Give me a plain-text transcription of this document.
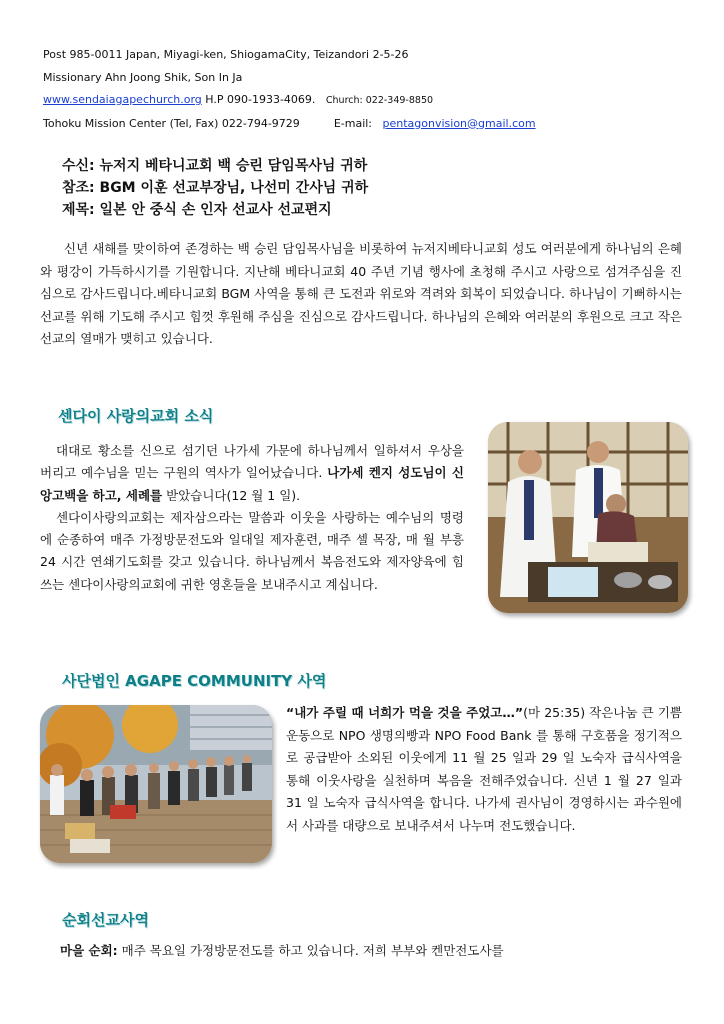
Post 985-0011 Japan, Miyagi-ken, ShiogamaCity, Teizandori 2-5-26
Missionary Ahn Joong Shik, Son In Ja
www.sendaiagapechurch.org H.P 090-1933-4069. Church: 022-349-8850
Tohoku Mission Center (Tel, Fax) 022-794-9729	E-mail: pentagonvision@gmail.com
수신: 뉴저지 베타니교회 백 승린 담임목사님 귀하
참조: BGM 이훈 선교부장님, 나선미 간사님 귀하
제목: 일본 안 중식 손 인자 선교사 선교편지
신년 새해를 맞이하여 존경하는 백 승린 담임목사님을 비롯하여 뉴저지베타니교회 성도 여러분에게 하나님의 은혜와 평강이 가득하시기를 기원합니다. 지난해 베타니교회 40 주년 기념 행사에 초청해 주시고 사랑으로 섬겨주심을 진심으로 감사드립니다.베타니교회 BGM 사역을 통해 큰 도전과 위로와 격려와 회복이 되었습니다. 하나님이 기뻐하시는 선교를 위해 기도해 주시고 힘껏 후원해 주심을 진심으로 감사드립니다. 하나님의 은혜와 여러분의 후원으로 크고 작은 선교의 열매가 맺히고 있습니다.
센다이 사랑의교회 소식

대대로 황소를 신으로 섬기던 나가세 가문에 하나님께서 일하셔서 우상을 버리고 예수님을 믿는 구원의 역사가 일어났습니다. 나가세 켄지 성도님이 신앙고백을 하고, 세례를 받았습니다(12 월 1 일).

센다이사랑의교회는 제자삼으라는 말씀과 이웃을 사랑하는 예수님의 명령에 순종하여 매주 가정방문전도와 일대일 제자훈련, 매주 셀 목장, 매 월 부흥 24 시간 연쇄기도회를 갖고 있습니다. 하나님께서 복음전도와 제자양육에 힘쓰는 센다이사랑의교회에 귀한 영혼들을 보내주시고 계십니다.

사단법인 AGAPE COMMUNITY 사역
“내가 주릴 때 너희가 먹을 것을 주었고…”(마 25:35) 작은나눔 큰 기쁨 운동으로 NPO 생명의빵과 NPO Food Bank 를 통해 구호품을 정기적으로 공급받아 소외된 이웃에게 11 월 25 일과 29 일 노숙자 급식사역을 통해 이웃사랑을 실천하며 복음을 전해주었습니다. 신년 1 월 27 일과 31 일 노숙자 급식사역을 합니다. 나가세 권사님이 경영하시는 과수원에서 사과를 대량으로 보내주셔서 나누며 전도했습니다.
순회선교사역
마을 순회: 매주 목요일 가정방문전도를 하고 있습니다. 저희 부부와 켄만전도사를
